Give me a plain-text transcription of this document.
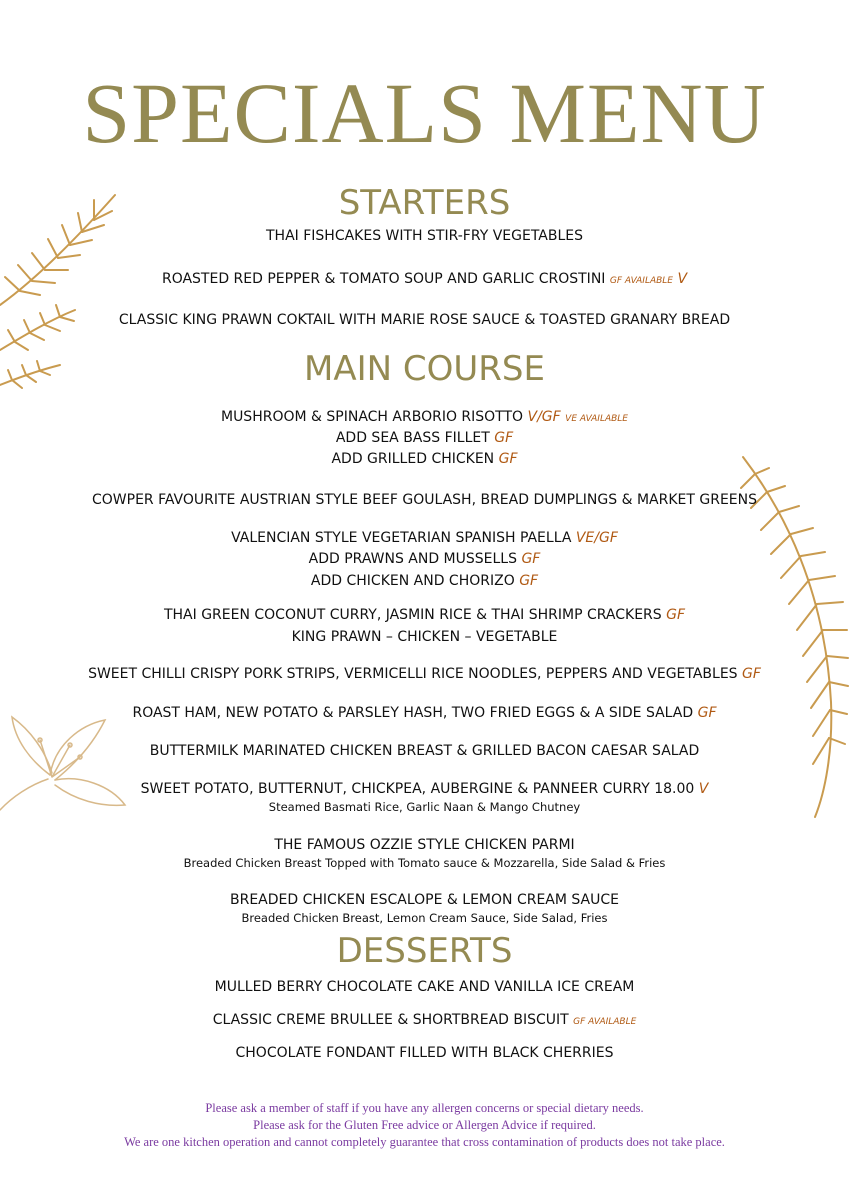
SPECIALS MENU
STARTERS
THAI FISHCAKES WITH STIR-FRY VEGETABLES
ROASTED RED PEPPER & TOMATO SOUP AND GARLIC CROSTINI GF AVAILABLE V
CLASSIC KING PRAWN COKTAIL WITH MARIE ROSE SAUCE & TOASTED GRANARY BREAD
MAIN COURSE
MUSHROOM & SPINACH ARBORIO RISOTTO V/GF VE AVAILABLE
ADD SEA BASS FILLET GF
ADD GRILLED CHICKEN GF
COWPER FAVOURITE AUSTRIAN STYLE BEEF GOULASH, BREAD DUMPLINGS & MARKET GREENS
VALENCIAN STYLE VEGETARIAN SPANISH PAELLA VE/GF
ADD PRAWNS AND MUSSELLS GF
ADD CHICKEN AND CHORIZO GF
THAI GREEN COCONUT CURRY, JASMIN RICE & THAI SHRIMP CRACKERS GF
KING PRAWN – CHICKEN – VEGETABLE
SWEET CHILLI CRISPY PORK STRIPS, VERMICELLI RICE NOODLES, PEPPERS AND VEGETABLES GF
ROAST HAM, NEW POTATO & PARSLEY HASH, TWO FRIED EGGS & A SIDE SALAD GF
BUTTERMILK MARINATED CHICKEN BREAST & GRILLED BACON CAESAR SALAD
SWEET POTATO, BUTTERNUT, CHICKPEA, AUBERGINE & PANNEER CURRY 18.00 V
Steamed Basmati Rice, Garlic Naan & Mango Chutney
THE FAMOUS OZZIE STYLE CHICKEN PARMI
Breaded Chicken Breast Topped with Tomato sauce & Mozzarella, Side Salad & Fries
BREADED CHICKEN ESCALOPE & LEMON CREAM SAUCE
Breaded Chicken Breast, Lemon Cream Sauce, Side Salad, Fries
DESSERTS
MULLED BERRY CHOCOLATE CAKE AND VANILLA ICE CREAM
CLASSIC CREME BRULLEE & SHORTBREAD BISCUIT GF AVAILABLE
CHOCOLATE FONDANT FILLED WITH BLACK CHERRIES
Please ask a member of staff if you have any allergen concerns or special dietary needs.
Please ask for the Gluten Free advice or Allergen Advice if required.
We are one kitchen operation and cannot completely guarantee that cross contamination of products does not take place.
